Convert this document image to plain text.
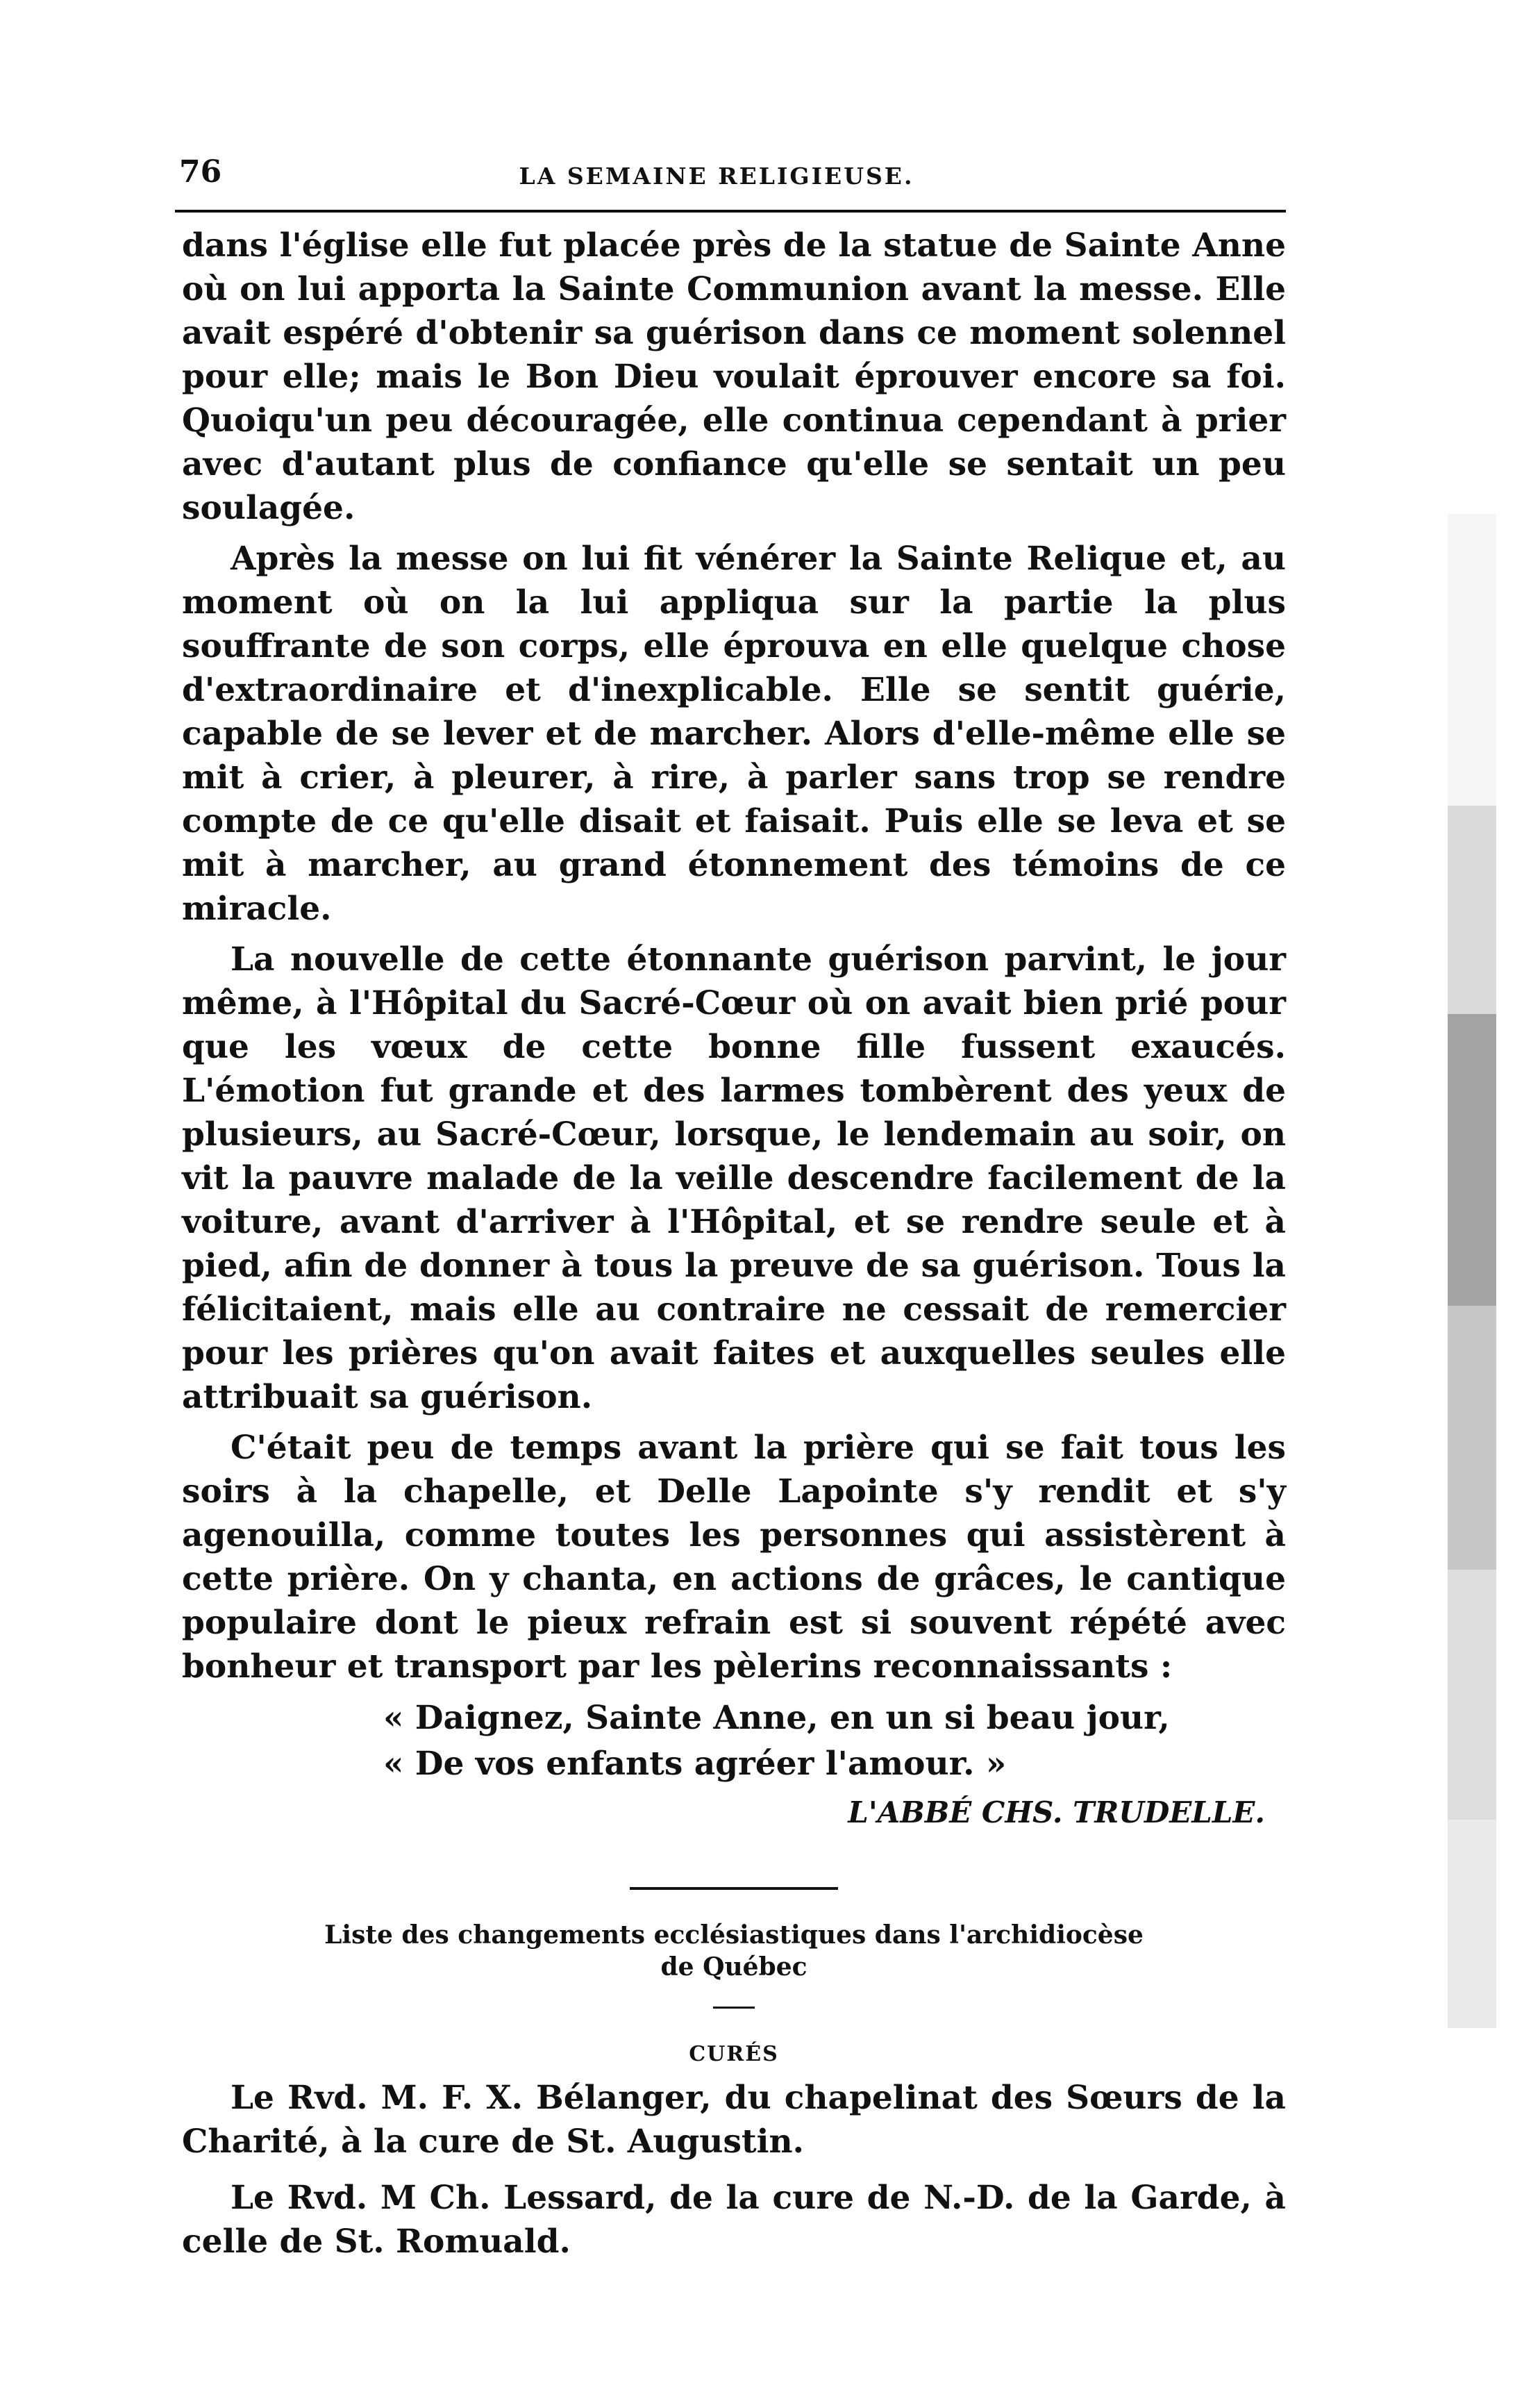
76	LA SEMAINE RELIGIEUSE.

dans l'église elle fut placée près de la statue de Sainte Anne où on lui apporta la Sainte Communion avant la messe. Elle avait espéré d'obtenir sa guérison dans ce moment solennel pour elle; mais le Bon Dieu voulait éprouver encore sa foi. Quoiqu'un peu découragée, elle continua cependant à prier avec d'autant plus de confiance qu'elle se sentait un peu soulagée.

Après la messe on lui fit vénérer la Sainte Relique et, au moment où on la lui appliqua sur la partie la plus souffrante de son corps, elle éprouva en elle quelque chose d'extraordinaire et d'inexplicable. Elle se sentit guérie, capable de se lever et de marcher. Alors d'elle-même elle se mit à crier, à pleurer, à rire, à parler sans trop se rendre compte de ce qu'elle disait et faisait. Puis elle se leva et se mit à marcher, au grand étonnement des témoins de ce miracle.

La nouvelle de cette étonnante guérison parvint, le jour même, à l'Hôpital du Sacré-Cœur où on avait bien prié pour que les vœux de cette bonne fille fussent exaucés. L'émotion fut grande et des larmes tombèrent des yeux de plusieurs, au Sacré-Cœur, lorsque, le lendemain au soir, on vit la pauvre malade de la veille descendre facilement de la voiture, avant d'arriver à l'Hôpital, et se rendre seule et à pied, afin de donner à tous la preuve de sa guérison. Tous la félicitaient, mais elle au contraire ne cessait de remercier pour les prières qu'on avait faites et auxquelles seules elle attribuait sa guérison.

C'était peu de temps avant la prière qui se fait tous les soirs à la chapelle, et Delle Lapointe s'y rendit et s'y agenouilla, comme toutes les personnes qui assistèrent à cette prière. On y chanta, en actions de grâces, le cantique populaire dont le pieux refrain est si souvent répété avec bonheur et transport par les pèlerins reconnaissants :

« Daignez, Sainte Anne, en un si beau jour,
« De vos enfants agréer l'amour. »
L'ABBÉ CHS. TRUDELLE.
Liste des changements ecclésiastiques dans l'archidiocèse
de Québec
CURÉS

Le Rvd. M. F. X. Bélanger, du chapelinat des Sœurs de la Charité, à la cure de St. Augustin.

Le Rvd. M Ch. Lessard, de la cure de N.-D. de la Garde, à celle de St. Romuald.
